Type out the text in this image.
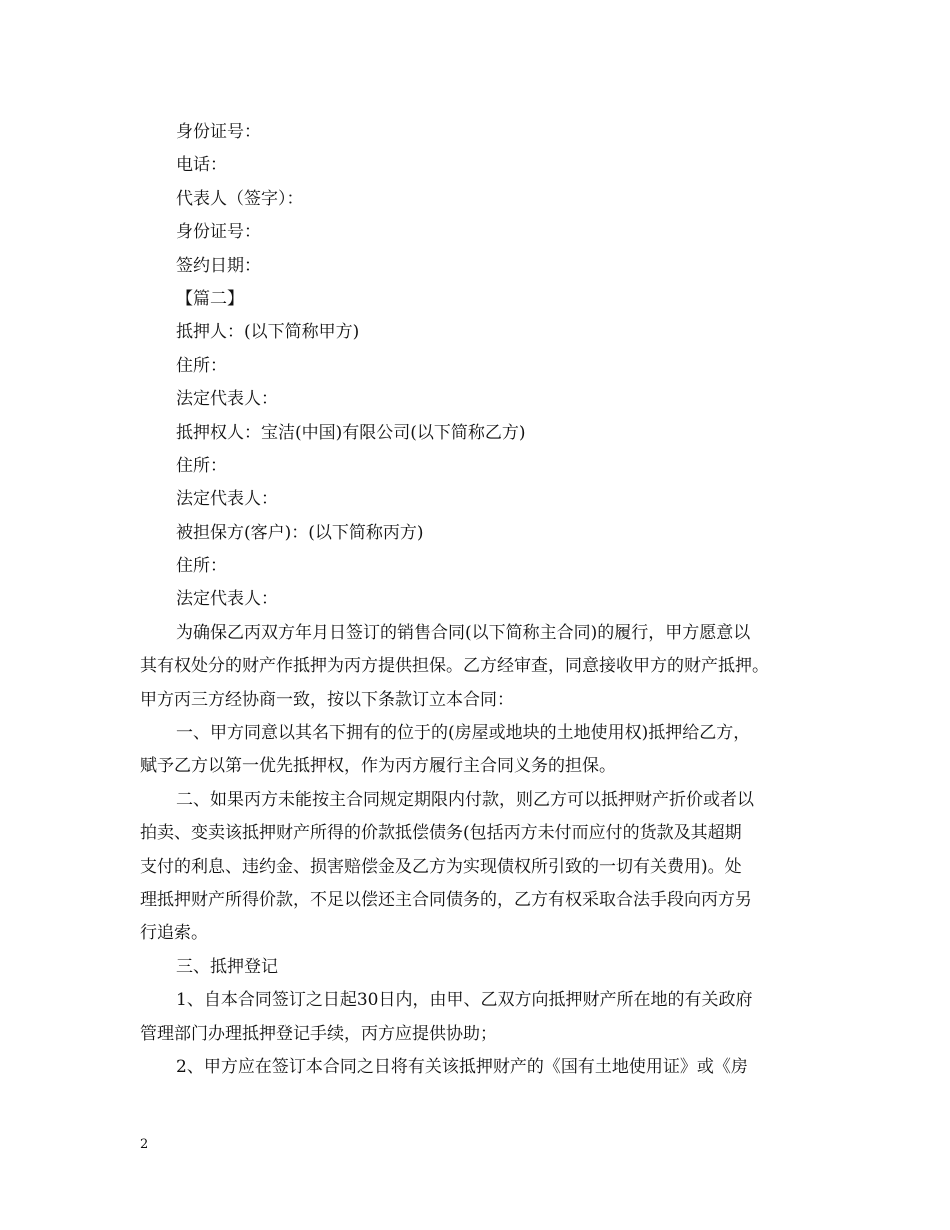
身份证号：
电话：
代表人（签字）：
身份证号：
签约日期：
【篇二】
抵押人：(以下简称甲方)
住所：
法定代表人：
抵押权人：宝洁(中国)有限公司(以下简称乙方)
住所：
法定代表人：
被担保方(客户)：(以下简称丙方)
住所：
法定代表人：
为确保乙丙双方年月日签订的销售合同(以下简称主合同)的履行，甲方愿意以
其有权处分的财产作抵押为丙方提供担保。乙方经审查，同意接收甲方的财产抵押。
甲方丙三方经协商一致，按以下条款订立本合同：
一、甲方同意以其名下拥有的位于的(房屋或地块的土地使用权)抵押给乙方，
赋予乙方以第一优先抵押权，作为丙方履行主合同义务的担保。
二、如果丙方未能按主合同规定期限内付款，则乙方可以抵押财产折价或者以
拍卖、变卖该抵押财产所得的价款抵偿债务(包括丙方未付而应付的货款及其超期
支付的利息、违约金、损害赔偿金及乙方为实现债权所引致的一切有关费用)。处
理抵押财产所得价款，不足以偿还主合同债务的，乙方有权采取合法手段向丙方另
行追索。
三、抵押登记
1、自本合同签订之日起30日内，由甲、乙双方向抵押财产所在地的有关政府
管理部门办理抵押登记手续，丙方应提供协助；
2、甲方应在签订本合同之日将有关该抵押财产的《国有土地使用证》或《房
2
